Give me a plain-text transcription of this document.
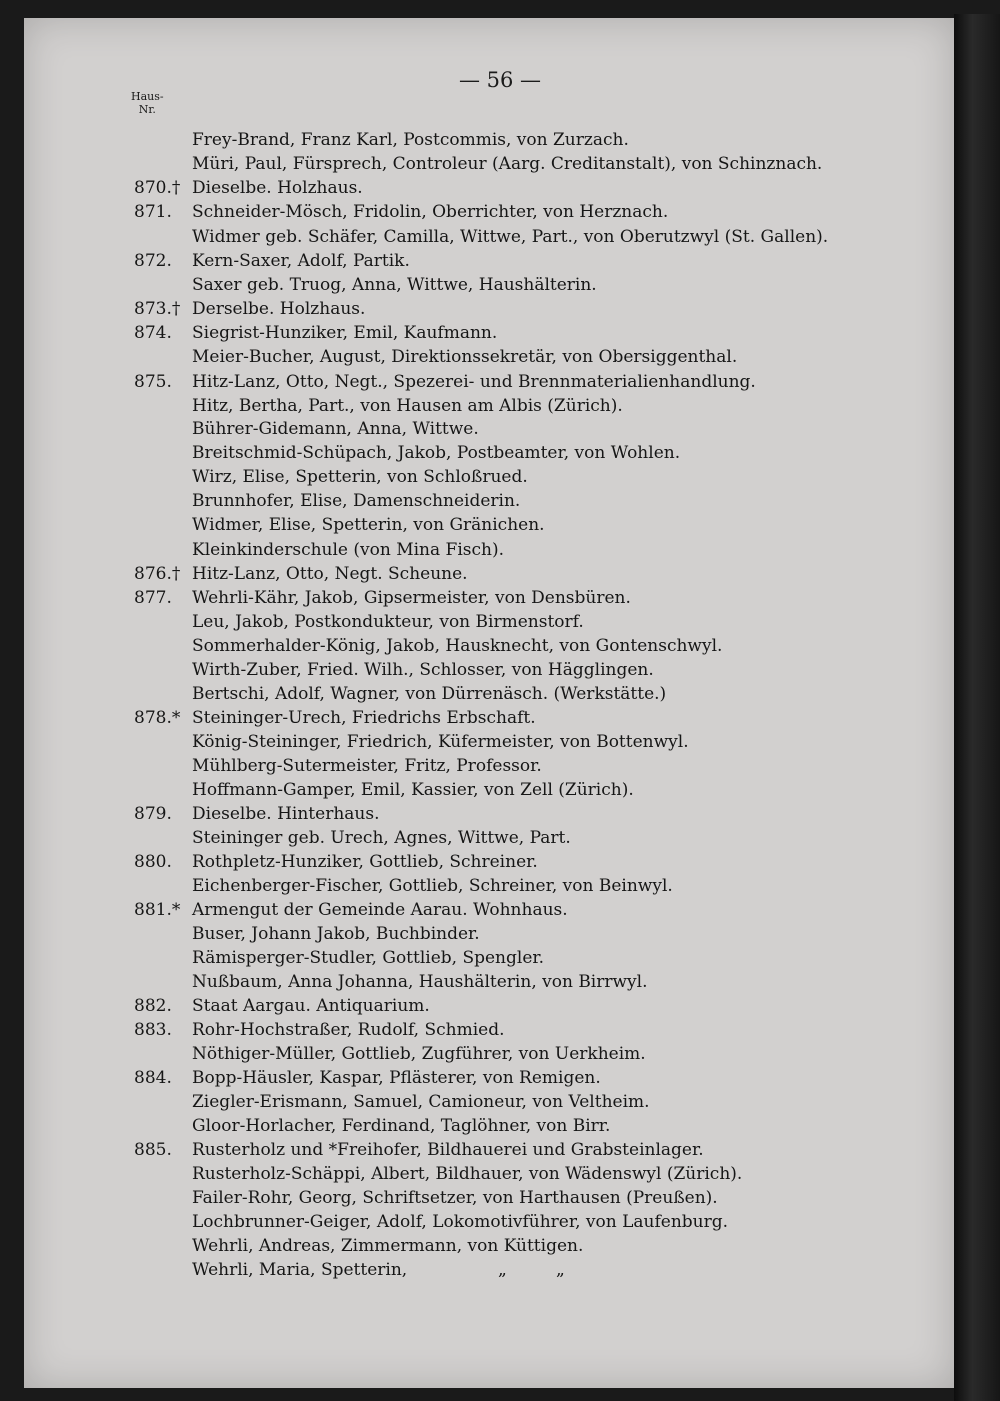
— 56 —
Haus-
Nr.
Frey-Brand, Franz Karl, Postcommis, von Zurzach.
Müri, Paul, Fürsprech, Controleur (Aarg. Creditanstalt), von Schinznach.
870.† Dieselbe. Holzhaus.
871.	Schneider-Mösch, Fridolin, Oberrichter, von Herznach.
Widmer geb. Schäfer, Camilla, Wittwe, Part., von Oberutzwyl (St. Gallen).
872.	Kern-Saxer, Adolf, Partik.
Saxer geb. Truog, Anna, Wittwe, Haushälterin.
873.† Derselbe. Holzhaus.
874.	Siegrist-Hunziker, Emil, Kaufmann.
Meier-Bucher, August, Direktionssekretär, von Obersiggenthal.
875.	Hitz-Lanz, Otto, Negt., Spezerei- und Brennmaterialienhandlung.
Hitz, Bertha, Part., von Hausen am Albis (Zürich).
Bührer-Gidemann, Anna, Wittwe.
Breitschmid-Schüpach, Jakob, Postbeamter, von Wohlen.
Wirz, Elise, Spetterin, von Schloßrued.
Brunnhofer, Elise, Damenschneiderin.
Widmer, Elise, Spetterin, von Gränichen.
Kleinkinderschule (von Mina Fisch).
876.† Hitz-Lanz, Otto, Negt. Scheune.
877.	Wehrli-Kähr, Jakob, Gipsermeister, von Densbüren.
Leu, Jakob, Postkondukteur, von Birmenstorf.
Sommerhalder-König, Jakob, Hausknecht, von Gontenschwyl.
Wirth-Zuber, Fried. Wilh., Schlosser, von Hägglingen.
Bertschi, Adolf, Wagner, von Dürrenäsch. (Werkstätte.)
878.* Steininger-Urech, Friedrichs Erbschaft.
König-Steininger, Friedrich, Küfermeister, von Bottenwyl.
Mühlberg-Sutermeister, Fritz, Professor.
Hoffmann-Gamper, Emil, Kassier, von Zell (Zürich).
879.	Dieselbe. Hinterhaus.
Steininger geb. Urech, Agnes, Wittwe, Part.
880.	Rothpletz-Hunziker, Gottlieb, Schreiner.
Eichenberger-Fischer, Gottlieb, Schreiner, von Beinwyl.
881.* Armengut der Gemeinde Aarau. Wohnhaus.
Buser, Johann Jakob, Buchbinder.
Rämisperger-Studler, Gottlieb, Spengler.
Nußbaum, Anna Johanna, Haushälterin, von Birrwyl.
882.	Staat Aargau. Antiquarium.
883.	Rohr-Hochstraßer, Rudolf, Schmied.
Nöthiger-Müller, Gottlieb, Zugführer, von Uerkheim.
884.	Bopp-Häusler, Kaspar, Pflästerer, von Remigen.
Ziegler-Erismann, Samuel, Camioneur, von Veltheim.
Gloor-Horlacher, Ferdinand, Taglöhner, von Birr.
885.	Rusterholz und *Freihofer, Bildhauerei und Grabsteinlager.
Rusterholz-Schäppi, Albert, Bildhauer, von Wädenswyl (Zürich).
Failer-Rohr, Georg, Schriftsetzer, von Harthausen (Preußen).
Lochbrunner-Geiger, Adolf, Lokomotivführer, von Laufenburg.
Wehrli, Andreas, Zimmermann, von Küttigen.
Wehrli, Maria, Spetterin,	„	„
